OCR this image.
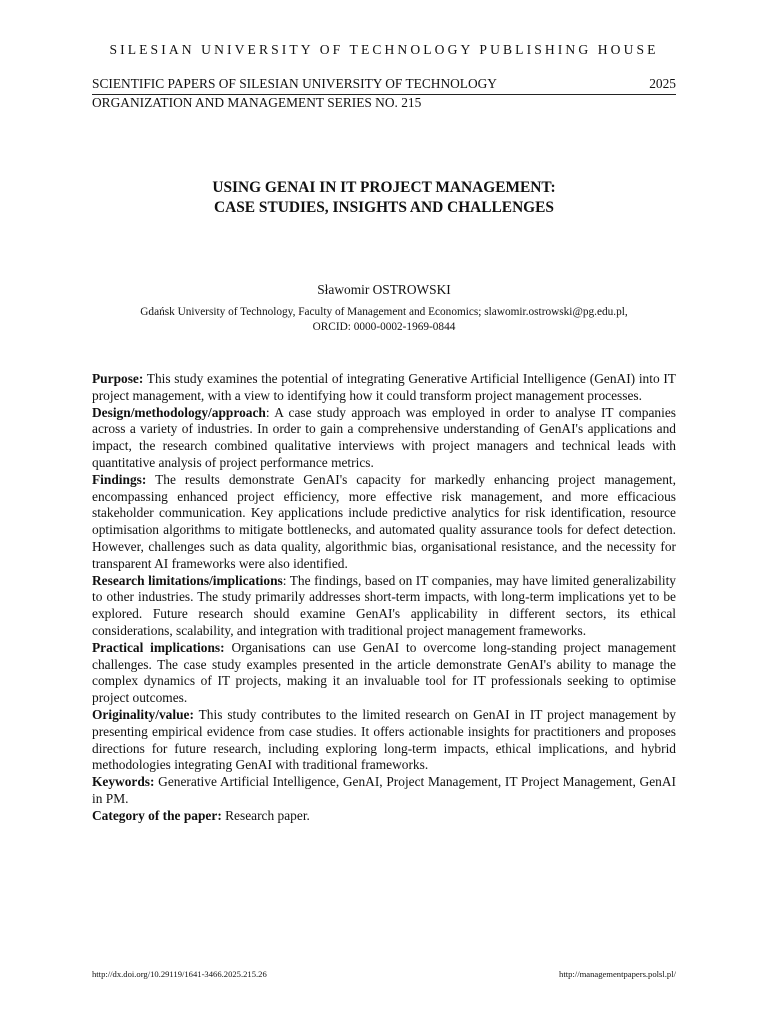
SILESIAN UNIVERSITY OF TECHNOLOGY PUBLISHING HOUSE
SCIENTIFIC PAPERS OF SILESIAN UNIVERSITY OF TECHNOLOGY	2025
ORGANIZATION AND MANAGEMENT SERIES NO. 215
USING GENAI IN IT PROJECT MANAGEMENT:
CASE STUDIES, INSIGHTS AND CHALLENGES
Sławomir OSTROWSKI
Gdańsk University of Technology, Faculty of Management and Economics; slawomir.ostrowski@pg.edu.pl,
ORCID: 0000-0002-1969-0844

Purpose: This study examines the potential of integrating Generative Artificial Intelligence (GenAI) into IT project management, with a view to identifying how it could transform project management processes.

Design/methodology/approach: A case study approach was employed in order to analyse IT companies across a variety of industries. In order to gain a comprehensive understanding of GenAI's applications and impact, the research combined qualitative interviews with project managers and technical leads with quantitative analysis of project performance metrics.

Findings: The results demonstrate GenAI's capacity for markedly enhancing project management, encompassing enhanced project efficiency, more effective risk management, and more efficacious stakeholder communication. Key applications include predictive analytics for risk identification, resource optimisation algorithms to mitigate bottlenecks, and automated quality assurance tools for defect detection. However, challenges such as data quality, algorithmic bias, organisational resistance, and the necessity for transparent AI frameworks were also identified.

Research limitations/implications: The findings, based on IT companies, may have limited generalizability to other industries. The study primarily addresses short-term impacts, with long-term implications yet to be explored. Future research should examine GenAI's applicability in different sectors, its ethical considerations, scalability, and integration with traditional project management frameworks.

Practical implications: Organisations can use GenAI to overcome long-standing project management challenges. The case study examples presented in the article demonstrate GenAI's ability to manage the complex dynamics of IT projects, making it an invaluable tool for IT professionals seeking to optimise project outcomes.

Originality/value: This study contributes to the limited research on GenAI in IT project management by presenting empirical evidence from case studies. It offers actionable insights for practitioners and proposes directions for future research, including exploring long-term impacts, ethical implications, and hybrid methodologies integrating GenAI with traditional frameworks.

Keywords: Generative Artificial Intelligence, GenAI, Project Management, IT Project Management, GenAI in PM.

Category of the paper: Research paper.

http://dx.doi.org/10.29119/1641-3466.2025.215.26	http://managementpapers.polsl.pl/
